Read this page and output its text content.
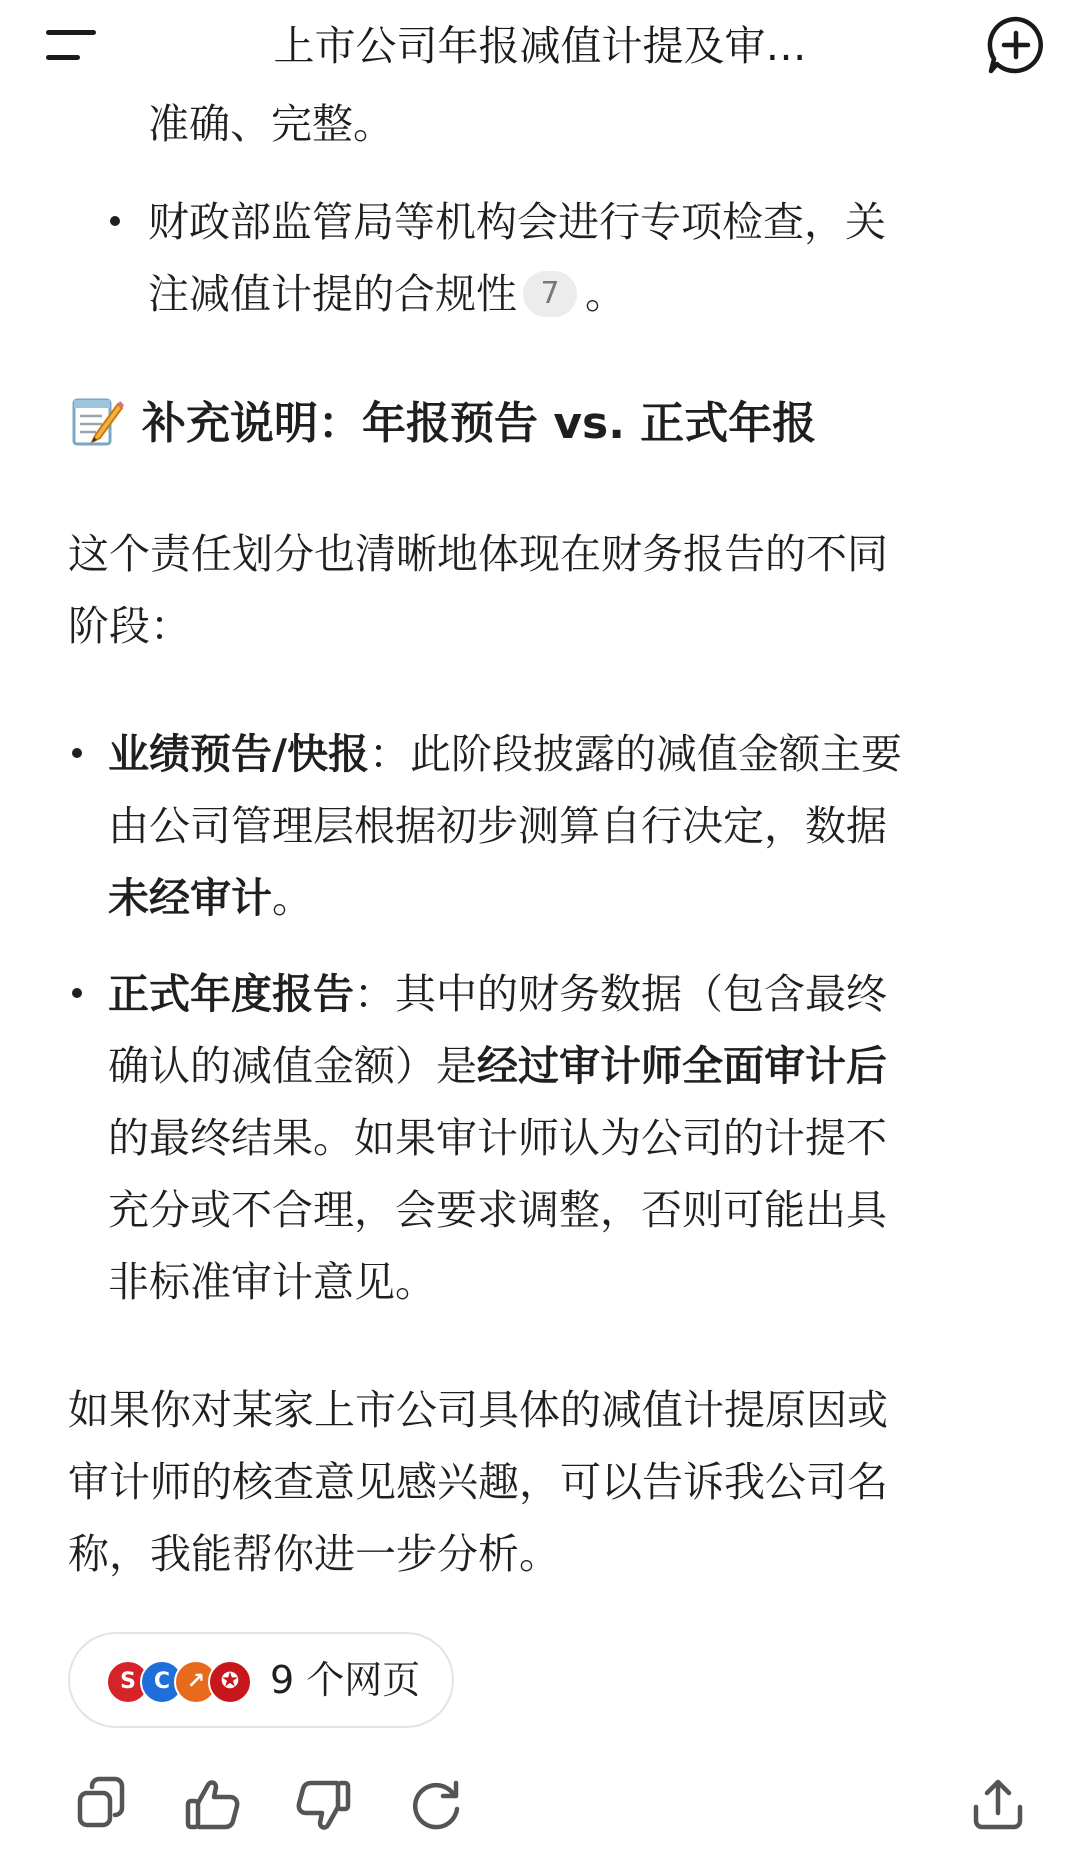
上市公司年报减值计提及审…
准确、完整。
财政部监管局等机构会进行专项检查，关
注减值计提的合规性 7 。
补充说明：年报预告 vs. 正式年报
这个责任划分也清晰地体现在财务报告的不同
阶段：
业绩预告/快报：此阶段披露的减值金额主要
由公司管理层根据初步测算自行决定，数据
未经审计。
正式年度报告：其中的财务数据（包含最终
确认的减值金额）是经过审计师全面审计后
的最终结果。如果审计师认为公司的计提不
充分或不合理，会要求调整，否则可能出具
非标准审计意见。
如果你对某家上市公司具体的减值计提原因或
审计师的核查意见感兴趣，可以告诉我公司名
称，我能帮你进一步分析。
S C ↗ ✪ 9 个网页
